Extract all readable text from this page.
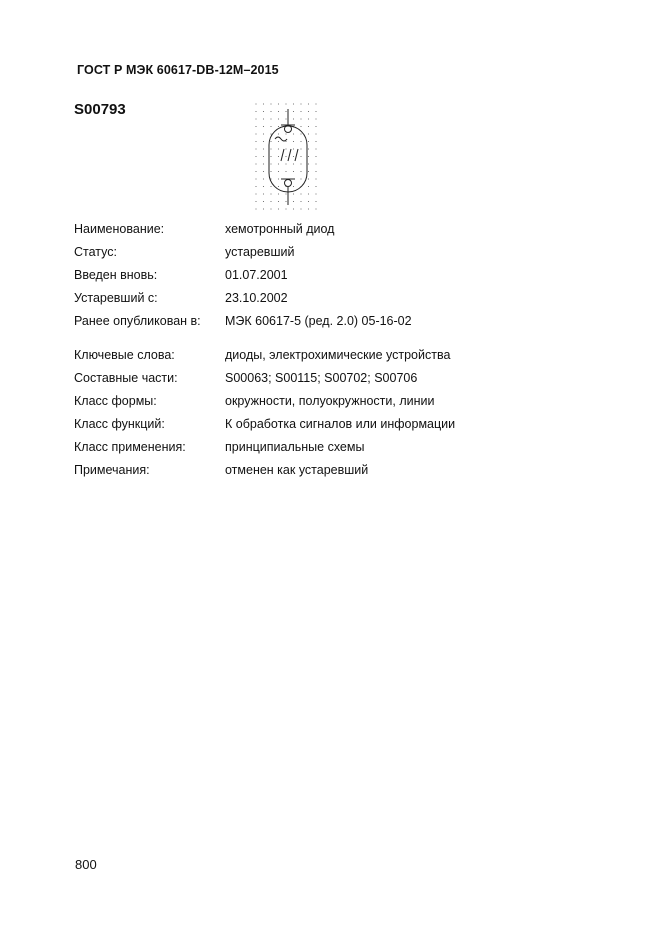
ГОСТ Р МЭК 60617-DB-12M–2015
S00793
Наименование:	хемотронный диод
Статус:	устаревший
Введен вновь:	01.07.2001
Устаревший с:	23.10.2002
Ранее опубликован в:	МЭК 60617-5 (ред. 2.0) 05-16-02
Ключевые слова:	диоды, электрохимические устройства
Составные части:	S00063; S00115; S00702; S00706
Класс формы:	окружности, полуокружности, линии
Класс функций:	К обработка сигналов или информации
Класс применения:	принципиальные схемы
Примечания:	отменен как устаревший
800
